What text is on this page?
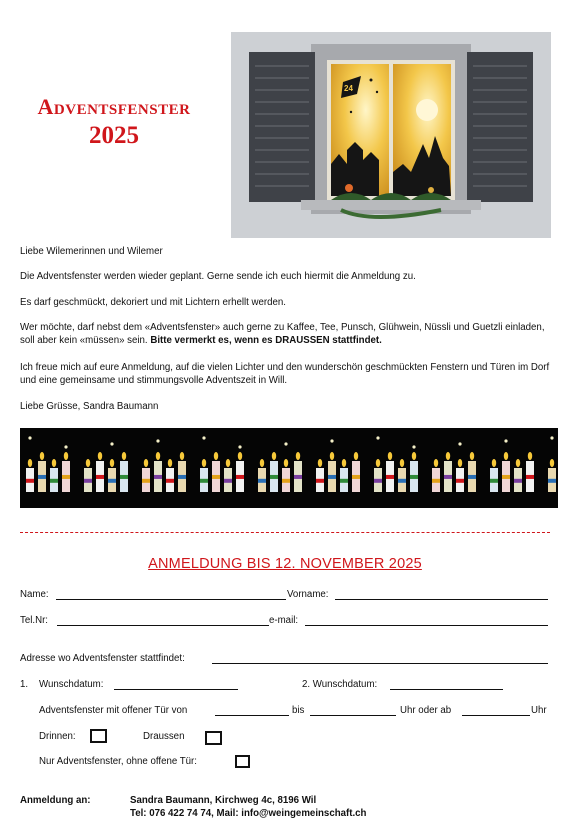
Adventsfenster
2025
24
Liebe Wilemerinnen und Wilemer
Die Adventsfenster werden wieder geplant. Gerne sende ich euch hiermit die Anmeldung zu.
Es darf geschmückt, dekoriert und mit Lichtern erhellt werden.
Wer möchte, darf nebst dem «Adventsfenster» auch gerne zu Kaffee, Tee, Punsch, Glühwein, Nüssli und Guetzli einladen, soll aber kein «müssen» sein. Bitte vermerkt es, wenn es DRAUSSEN stattfindet.
Ich freue mich auf eure Anmeldung, auf die vielen Lichter und den wunderschön geschmückten Fenstern und Türen im Dorf und eine gemeinsame und stimmungsvolle Adventszeit in Will.
Liebe Grüsse, Sandra Baumann
ANMELDUNG BIS 12. NOVEMBER 2025
Name:	Vorname:
Tel.Nr:	e-mail:
Adresse wo Adventsfenster stattfindet:
1. Wunschdatum:	2. Wunschdatum:
Adventsfenster mit offener Tür von	bis	Uhr oder ab	Uhr
Drinnen:	Draussen
Nur Adventsfenster, ohne offene Tür:
Anmeldung an:	Sandra Baumann, Kirchweg 4c, 8196 Wil
Tel: 076 422 74 74, Mail: info@weingemeinschaft.ch
